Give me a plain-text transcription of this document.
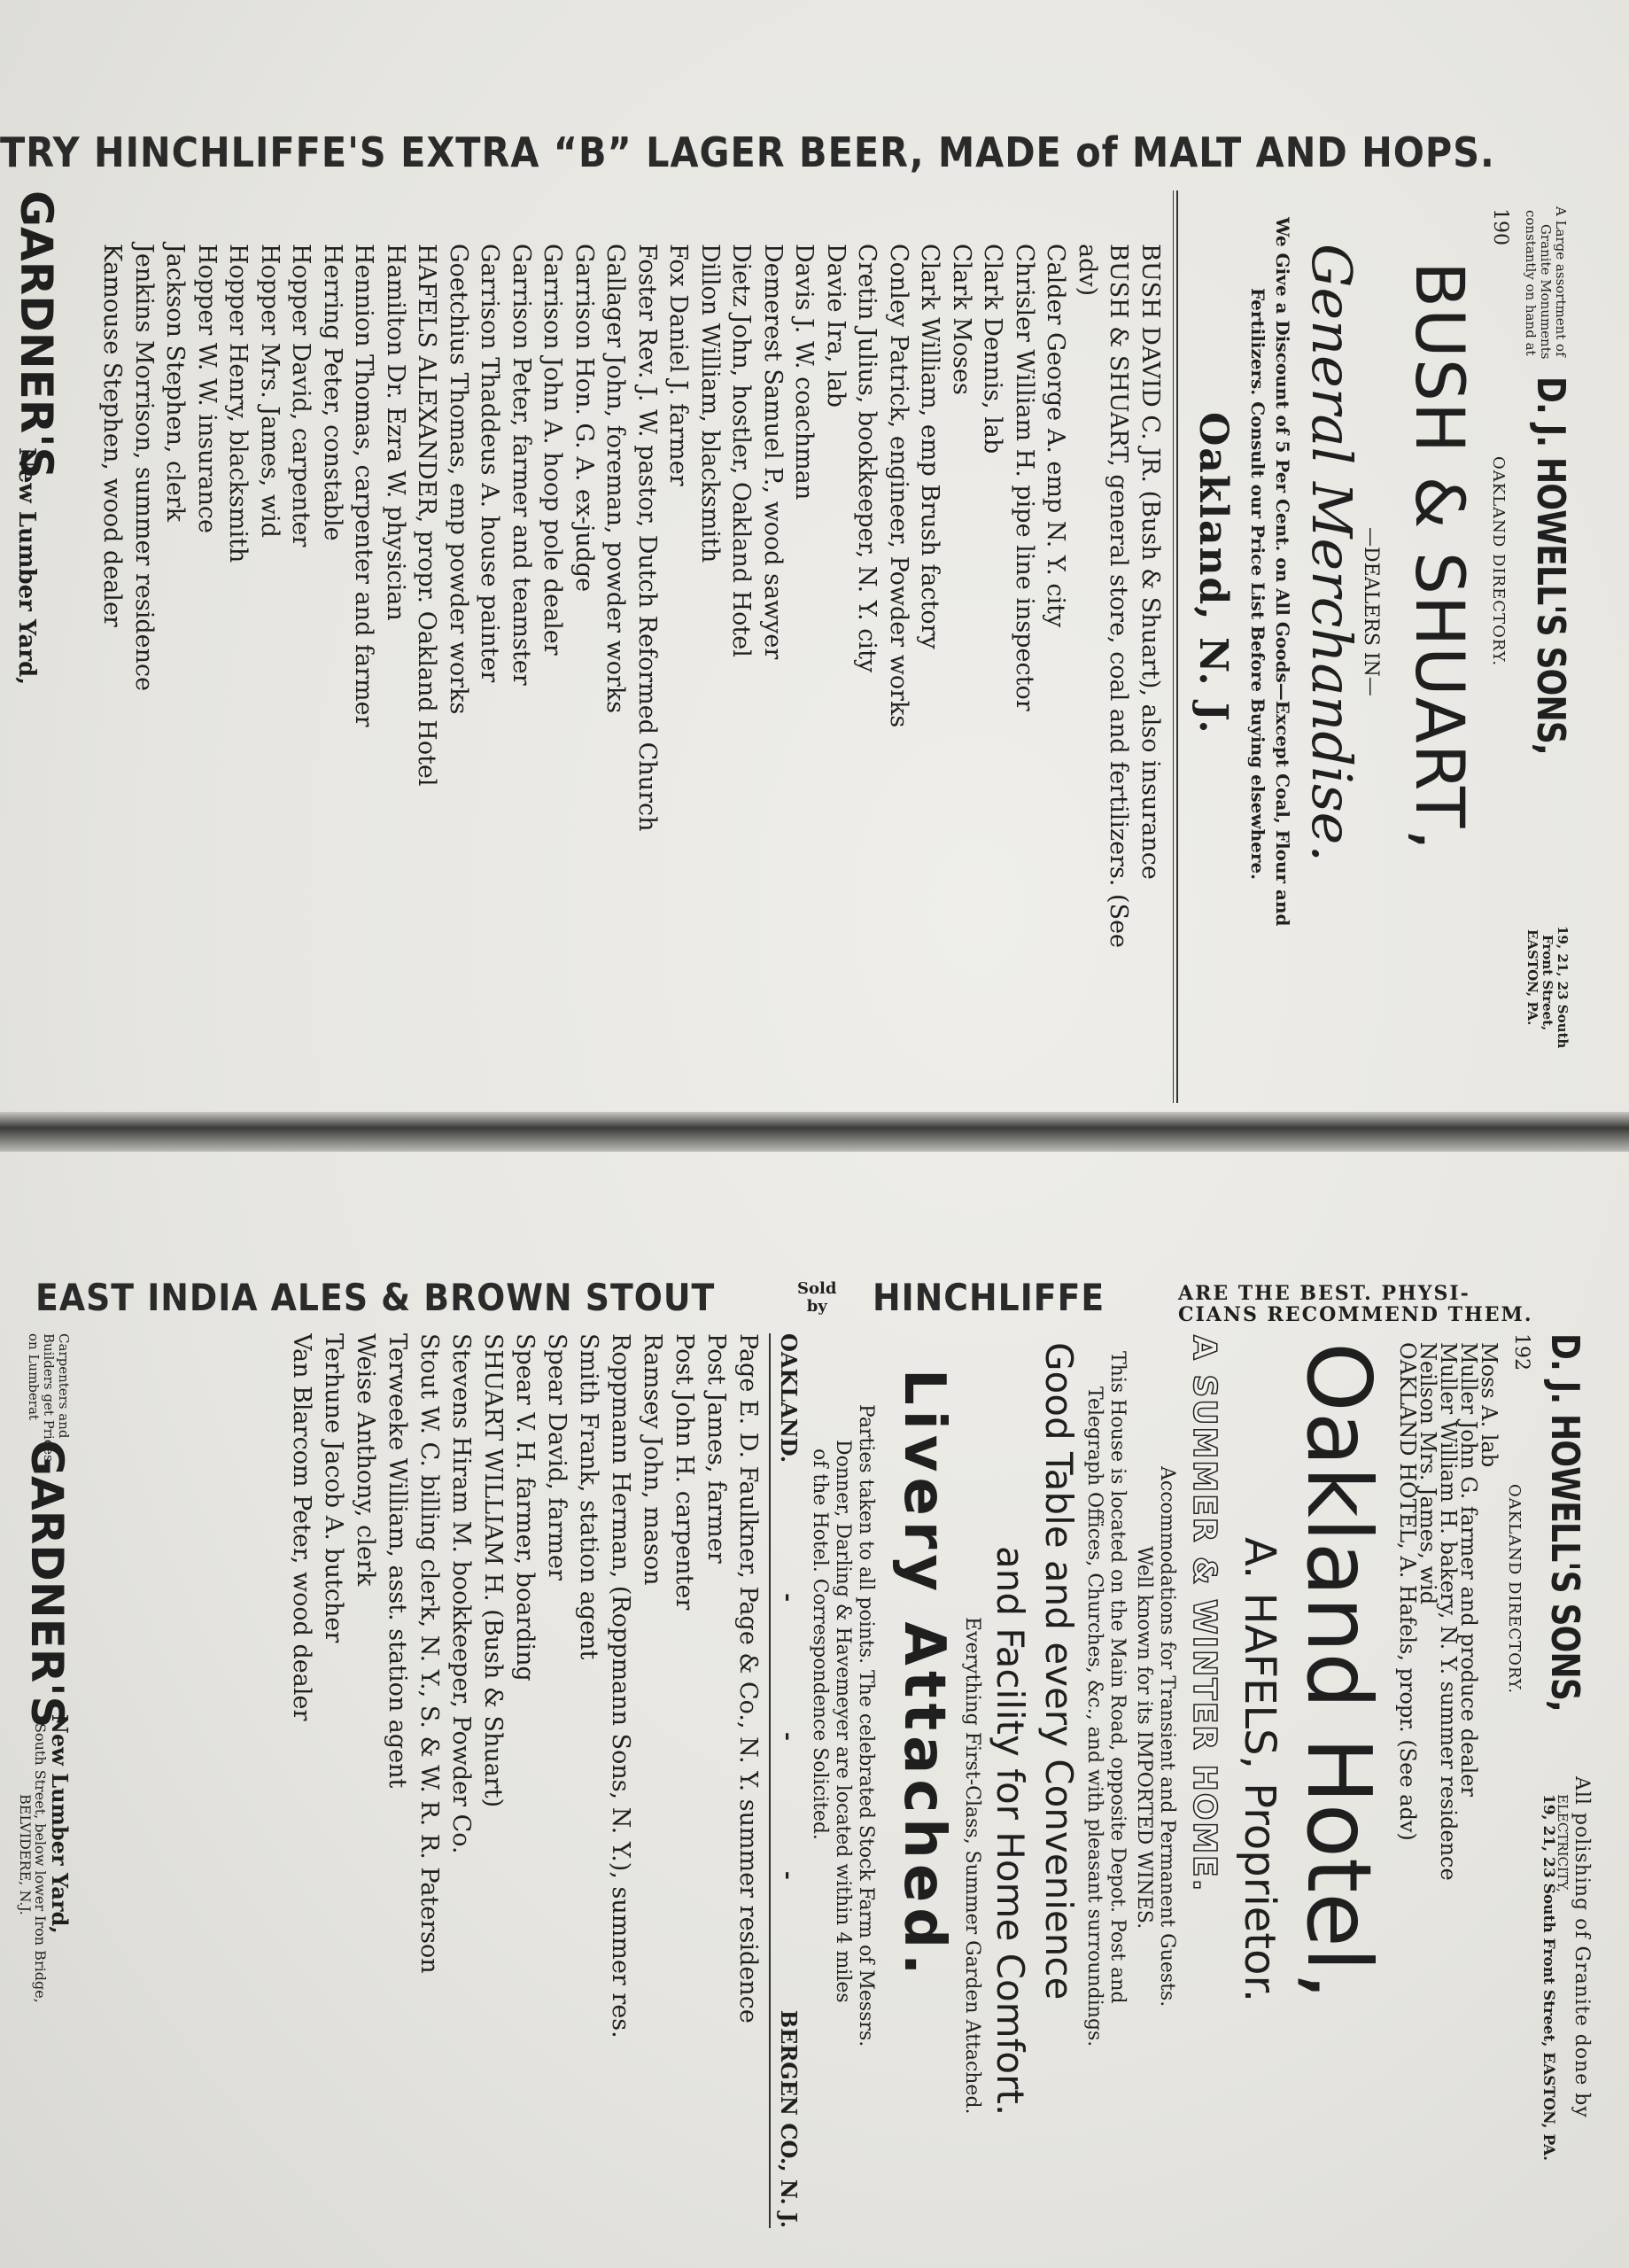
TRY HINCHLIFFE'S EXTRA “B” LAGER BEER, MADE of MALT AND HOPS.
A Large assortment of
Granite Monuments
constantly on hand at
D. J. HOWELL'S SONS,
19, 21, 23 South
Front Street,
EASTON, PA.
190
OAKLAND DIRECTORY.
BUSH & SHUART,
—DEALERS IN—
General Merchandise.
We Give a Discount of 5 Per Cent. on All Goods—Except Coal, Flour and
Fertilizers. Consult our Price List Before Buying elsewhere.
Oakland, N. J.
BUSH DAVID C. JR. (Bush & Shuart), also insurance
BUSH & SHUART, general store, coal and fertilizers. (See
adv)
Calder George A. emp N. Y. city
Chrisler William H. pipe line inspector
Clark Dennis, lab
Clark Moses
Clark William, emp Brush factory
Conley Patrick, engineer, Powder works
Cretin Julius, bookkeeper, N. Y. city
Davie Ira, lab
Davis J. W. coachman
Demerest Samuel P., wood sawyer
Dietz John, hostler, Oakland Hotel
Dillon William, blacksmith
Fox Daniel J. farmer
Foster Rev. J. W. pastor, Dutch Reformed Church
Gallager John, foreman, powder works
Garrison Hon. G. A. ex-judge
Garrison John A. hoop pole dealer
Garrison Peter, farmer and teamster
Garrison Thaddeus A. house painter
Goetchius Thomas, emp powder works
HAFELS ALEXANDER, propr. Oakland Hotel
Hamilton Dr. Ezra W. physician
Hennion Thomas, carpenter and farmer
Herring Peter, constable
Hopper David, carpenter
Hopper Mrs. James, wid
Hopper Henry, blacksmith
Hopper W. W. insurance
Jackson Stephen, clerk
Jenkins Morrison, summer residence
Kamouse Stephen, wood dealer
GARDNER'S
New Lumber Yard,
EAST INDIA ALES & BROWN STOUT	Sold
by HINCHLIFFE	ARE THE BEST. PHYSI-
CIANS RECOMMEND THEM.
D. J. HOWELL'S SONS,
All polishing of Granite done by
ELECTRICITY,
19, 21, 23 South Front Street, EASTON, PA.
192
OAKLAND DIRECTORY.
Moss A. lab
Muller John G. farmer and produce dealer
Muller William H. bakery, N. Y. summer residence
Neilson Mrs. James, wid
OAKLAND HOTEL, A. Hafels, propr. (See adv)
Oakland Hotel,
A. HAFELS, Proprietor.
A SUMMER & WINTER HOME.
Accommodations for Transient and Permanent Guests.
Well known for its IMPORTED WINES.
This House is located on the Main Road, opposite Depot. Post and
Telegraph Offices, Churches, &c., and with pleasant surroundings.
Good Table and every Convenience
and Facility for Home Comfort.
Everything First-Class, Summer Garden Attached.
Livery Attached.
Parties taken to all points. The celebrated Stock Farm of Messrs.
Donner, Darling & Havemeyer are located within 4 miles
of the Hotel. Correspondence Solicited.
OAKLAND.
-
-
-
BERGEN CO., N. J.
Page E. D. Faulkner, Page & Co., N. Y. summer residence
Post James, farmer
Post John H. carpenter
Ramsey John, mason
Roppmann Herman, (Roppmann Sons, N. Y.), summer res.
Smith Frank, station agent
Spear David, farmer
Spear V. H. farmer, boarding
SHUART WILLIAM H. (Bush & Shuart)
Stevens Hiram M. bookkeeper, Powder Co.
Stout W. C. billing clerk, N. Y., S. & W. R. R. Paterson
Terweeke William, asst. station agent
Weise Anthony, clerk
Terhune Jacob A. butcher
Van Blarcom Peter, wood dealer
Carpenters and
Builders get Prices
on Lumberat
GARDNER'S
New Lumber Yard,
South Street, below lower Iron Bridge,
BELVIDERE, N.J.
